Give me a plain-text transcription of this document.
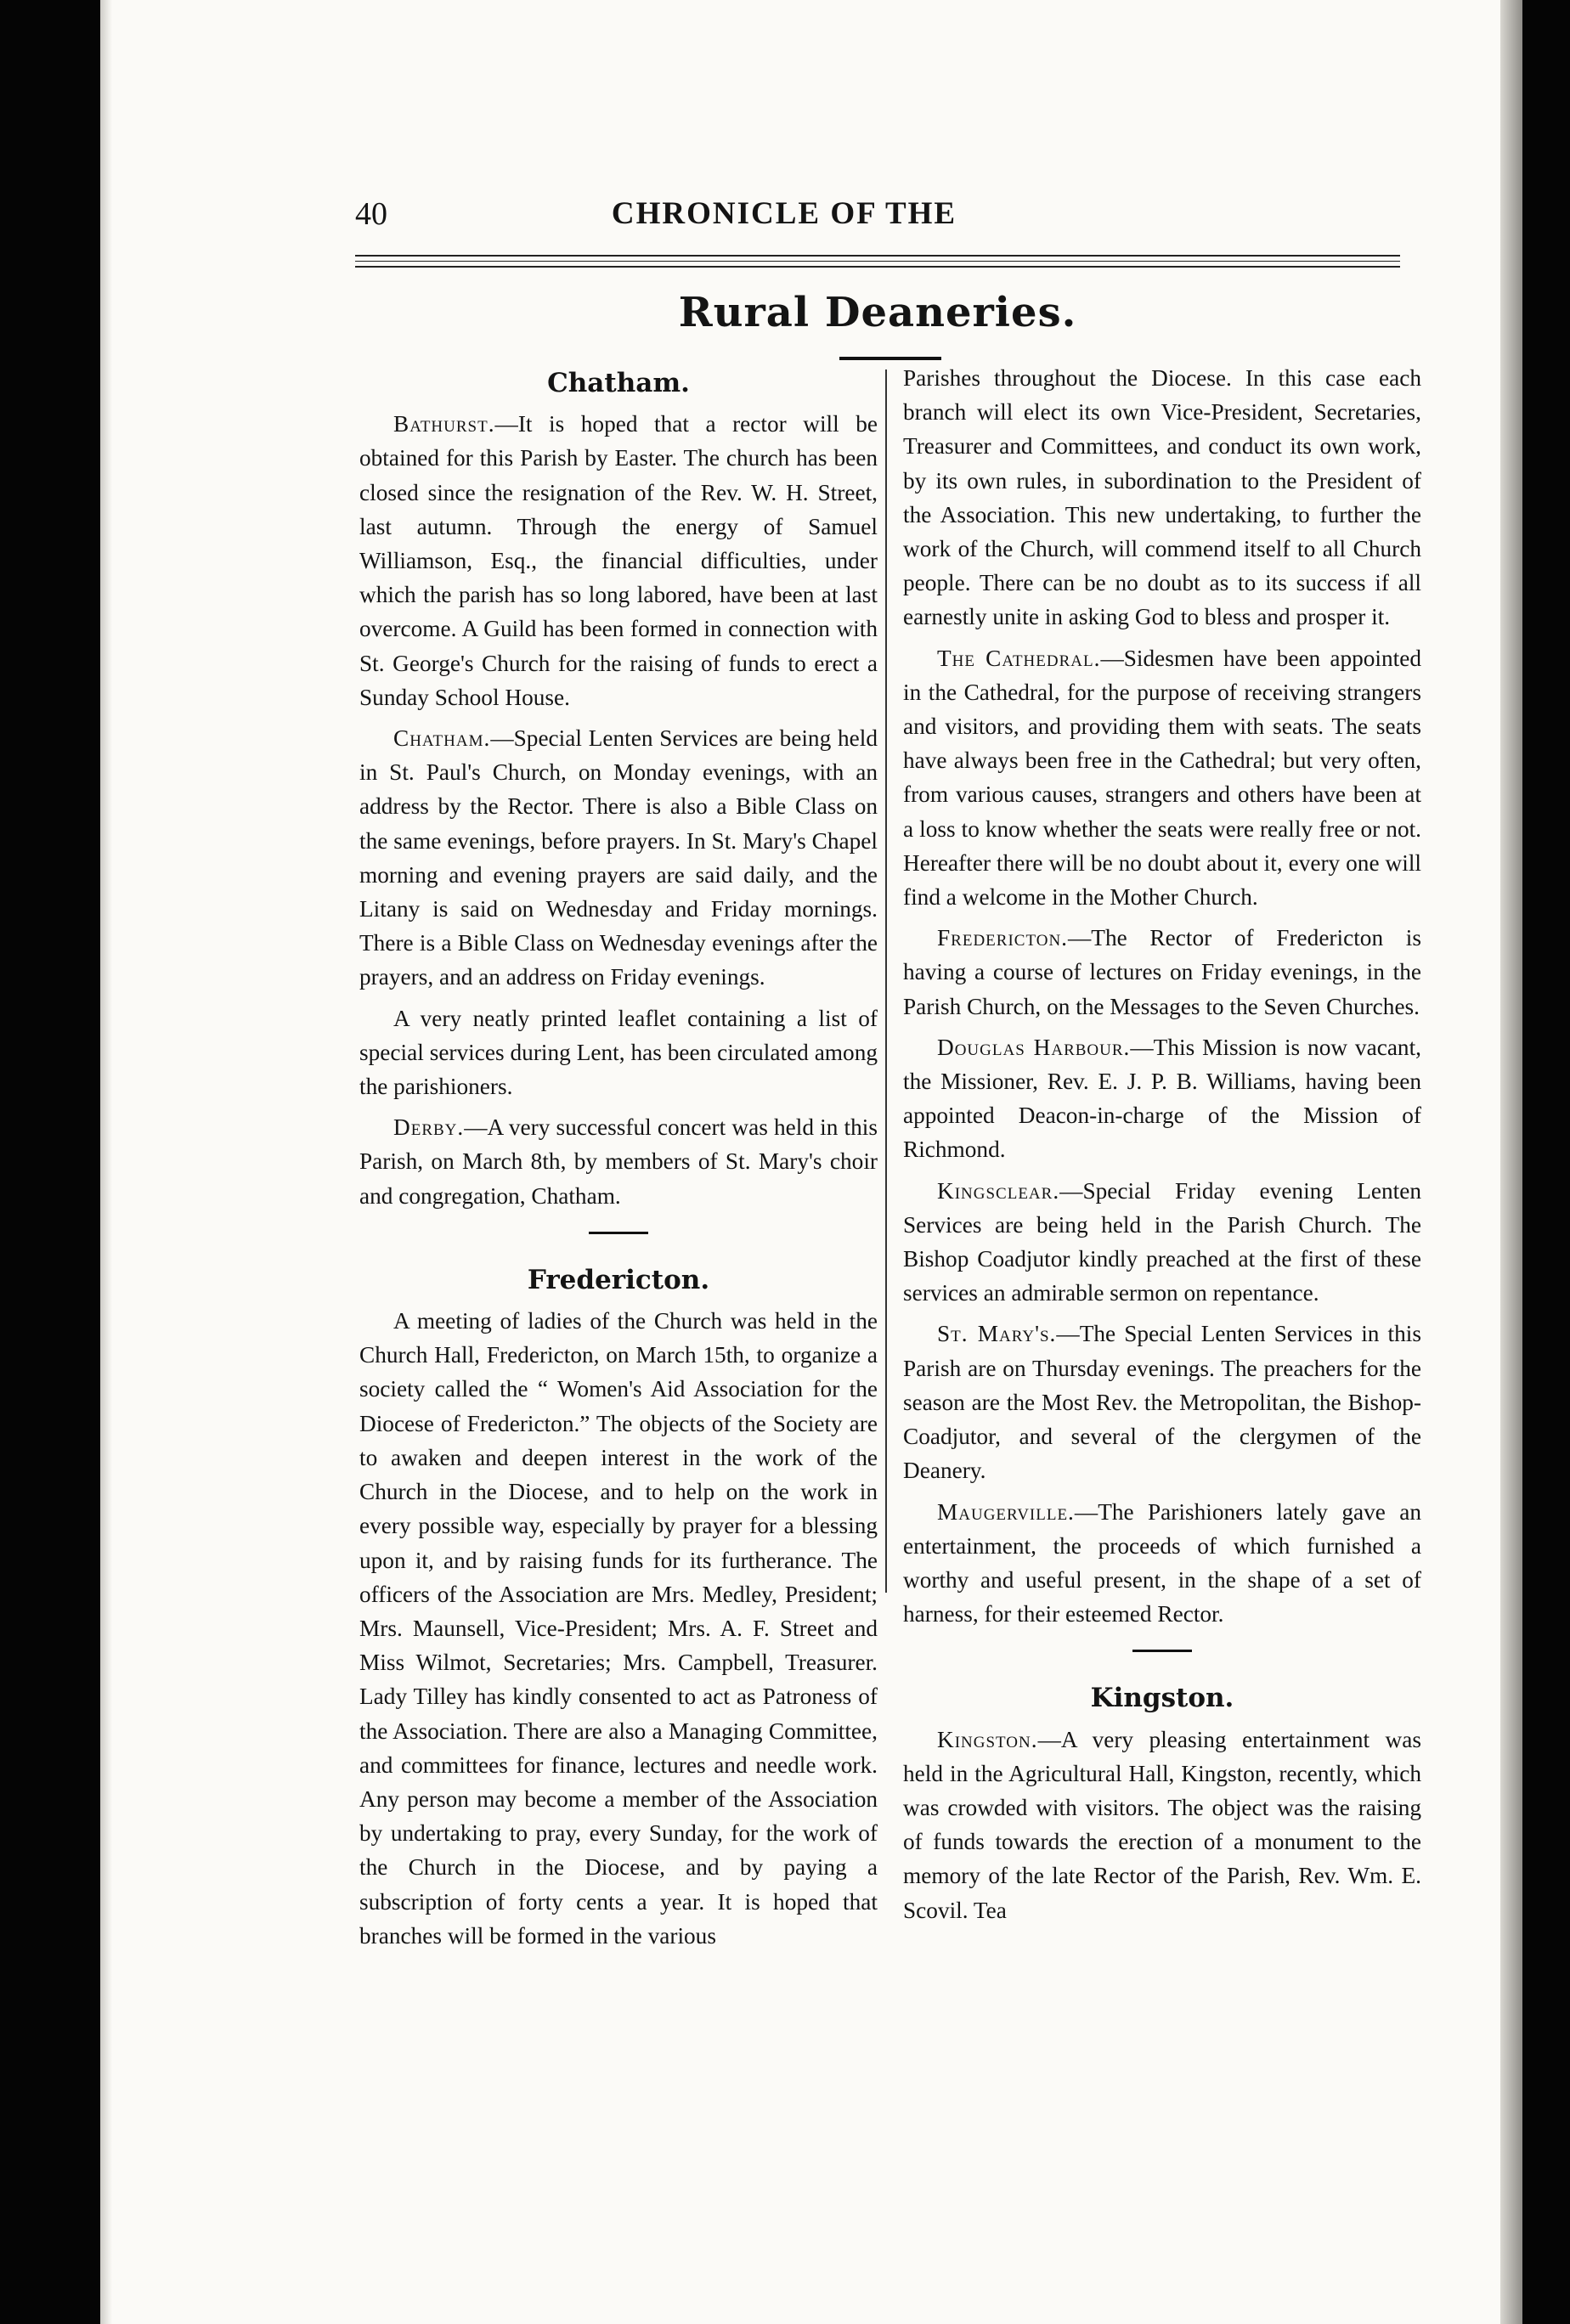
40	CHRONICLE OF THE
Rural Deaneries.
Chatham.

Bathurst.—It is hoped that a rector will be obtained for this Parish by Easter. The church has been closed since the resignation of the Rev. W. H. Street, last autumn. Through the energy of Samuel Williamson, Esq., the financial difficulties, under which the parish has so long labored, have been at last overcome. A Guild has been formed in connection with St. George's Church for the raising of funds to erect a Sunday School House.

Chatham.—Special Lenten Services are being held in St. Paul's Church, on Monday evenings, with an address by the Rector. There is also a Bible Class on the same evenings, before prayers. In St. Mary's Chapel morning and evening prayers are said daily, and the Litany is said on Wednesday and Friday mornings. There is a Bible Class on Wednesday evenings after the prayers, and an address on Friday evenings.

A very neatly printed leaflet containing a list of special services during Lent, has been circulated among the parishioners.

Derby.—A very successful concert was held in this Parish, on March 8th, by members of St. Mary's choir and congregation, Chatham.

Fredericton.

A meeting of ladies of the Church was held in the Church Hall, Fredericton, on March 15th, to organize a society called the “ Women's Aid Association for the Diocese of Fredericton.” The objects of the Society are to awaken and deepen interest in the work of the Church in the Diocese, and to help on the work in every possible way, especially by prayer for a blessing upon it, and by raising funds for its furtherance. The officers of the Association are Mrs. Medley, President; Mrs. Maunsell, Vice-President; Mrs. A. F. Street and Miss Wilmot, Secretaries; Mrs. Campbell, Treasurer. Lady Tilley has kindly consented to act as Patroness of the Association. There are also a Managing Committee, and committees for finance, lectures and needle work. Any person may become a member of the Association by undertaking to pray, every Sunday, for the work of the Church in the Diocese, and by paying a subscription of forty cents a year. It is hoped that branches will be formed in the various

Parishes throughout the Diocese. In this case each branch will elect its own Vice-President, Secretaries, Treasurer and Committees, and conduct its own work, by its own rules, in subordination to the President of the Association. This new undertaking, to further the work of the Church, will commend itself to all Church people. There can be no doubt as to its success if all earnestly unite in asking God to bless and prosper it.

The Cathedral.—Sidesmen have been appointed in the Cathedral, for the purpose of receiving strangers and visitors, and providing them with seats. The seats have always been free in the Cathedral; but very often, from various causes, strangers and others have been at a loss to know whether the seats were really free or not. Hereafter there will be no doubt about it, every one will find a welcome in the Mother Church.

Fredericton.—The Rector of Fredericton is having a course of lectures on Friday evenings, in the Parish Church, on the Messages to the Seven Churches.

Douglas Harbour.—This Mission is now vacant, the Missioner, Rev. E. J. P. B. Williams, having been appointed Deacon-in-charge of the Mission of Richmond.

Kingsclear.—Special Friday evening Lenten Services are being held in the Parish Church. The Bishop Coadjutor kindly preached at the first of these services an admirable sermon on repentance.

St. Mary's.—The Special Lenten Services in this Parish are on Thursday evenings. The preachers for the season are the Most Rev. the Metropolitan, the Bishop-Coadjutor, and several of the clergymen of the Deanery.

Maugerville.—The Parishioners lately gave an entertainment, the proceeds of which furnished a worthy and useful present, in the shape of a set of harness, for their esteemed Rector.

Kingston.

Kingston.—A very pleasing entertainment was held in the Agricultural Hall, Kingston, recently, which was crowded with visitors. The object was the raising of funds towards the erection of a monument to the memory of the late Rector of the Parish, Rev. Wm. E. Scovil. Tea
